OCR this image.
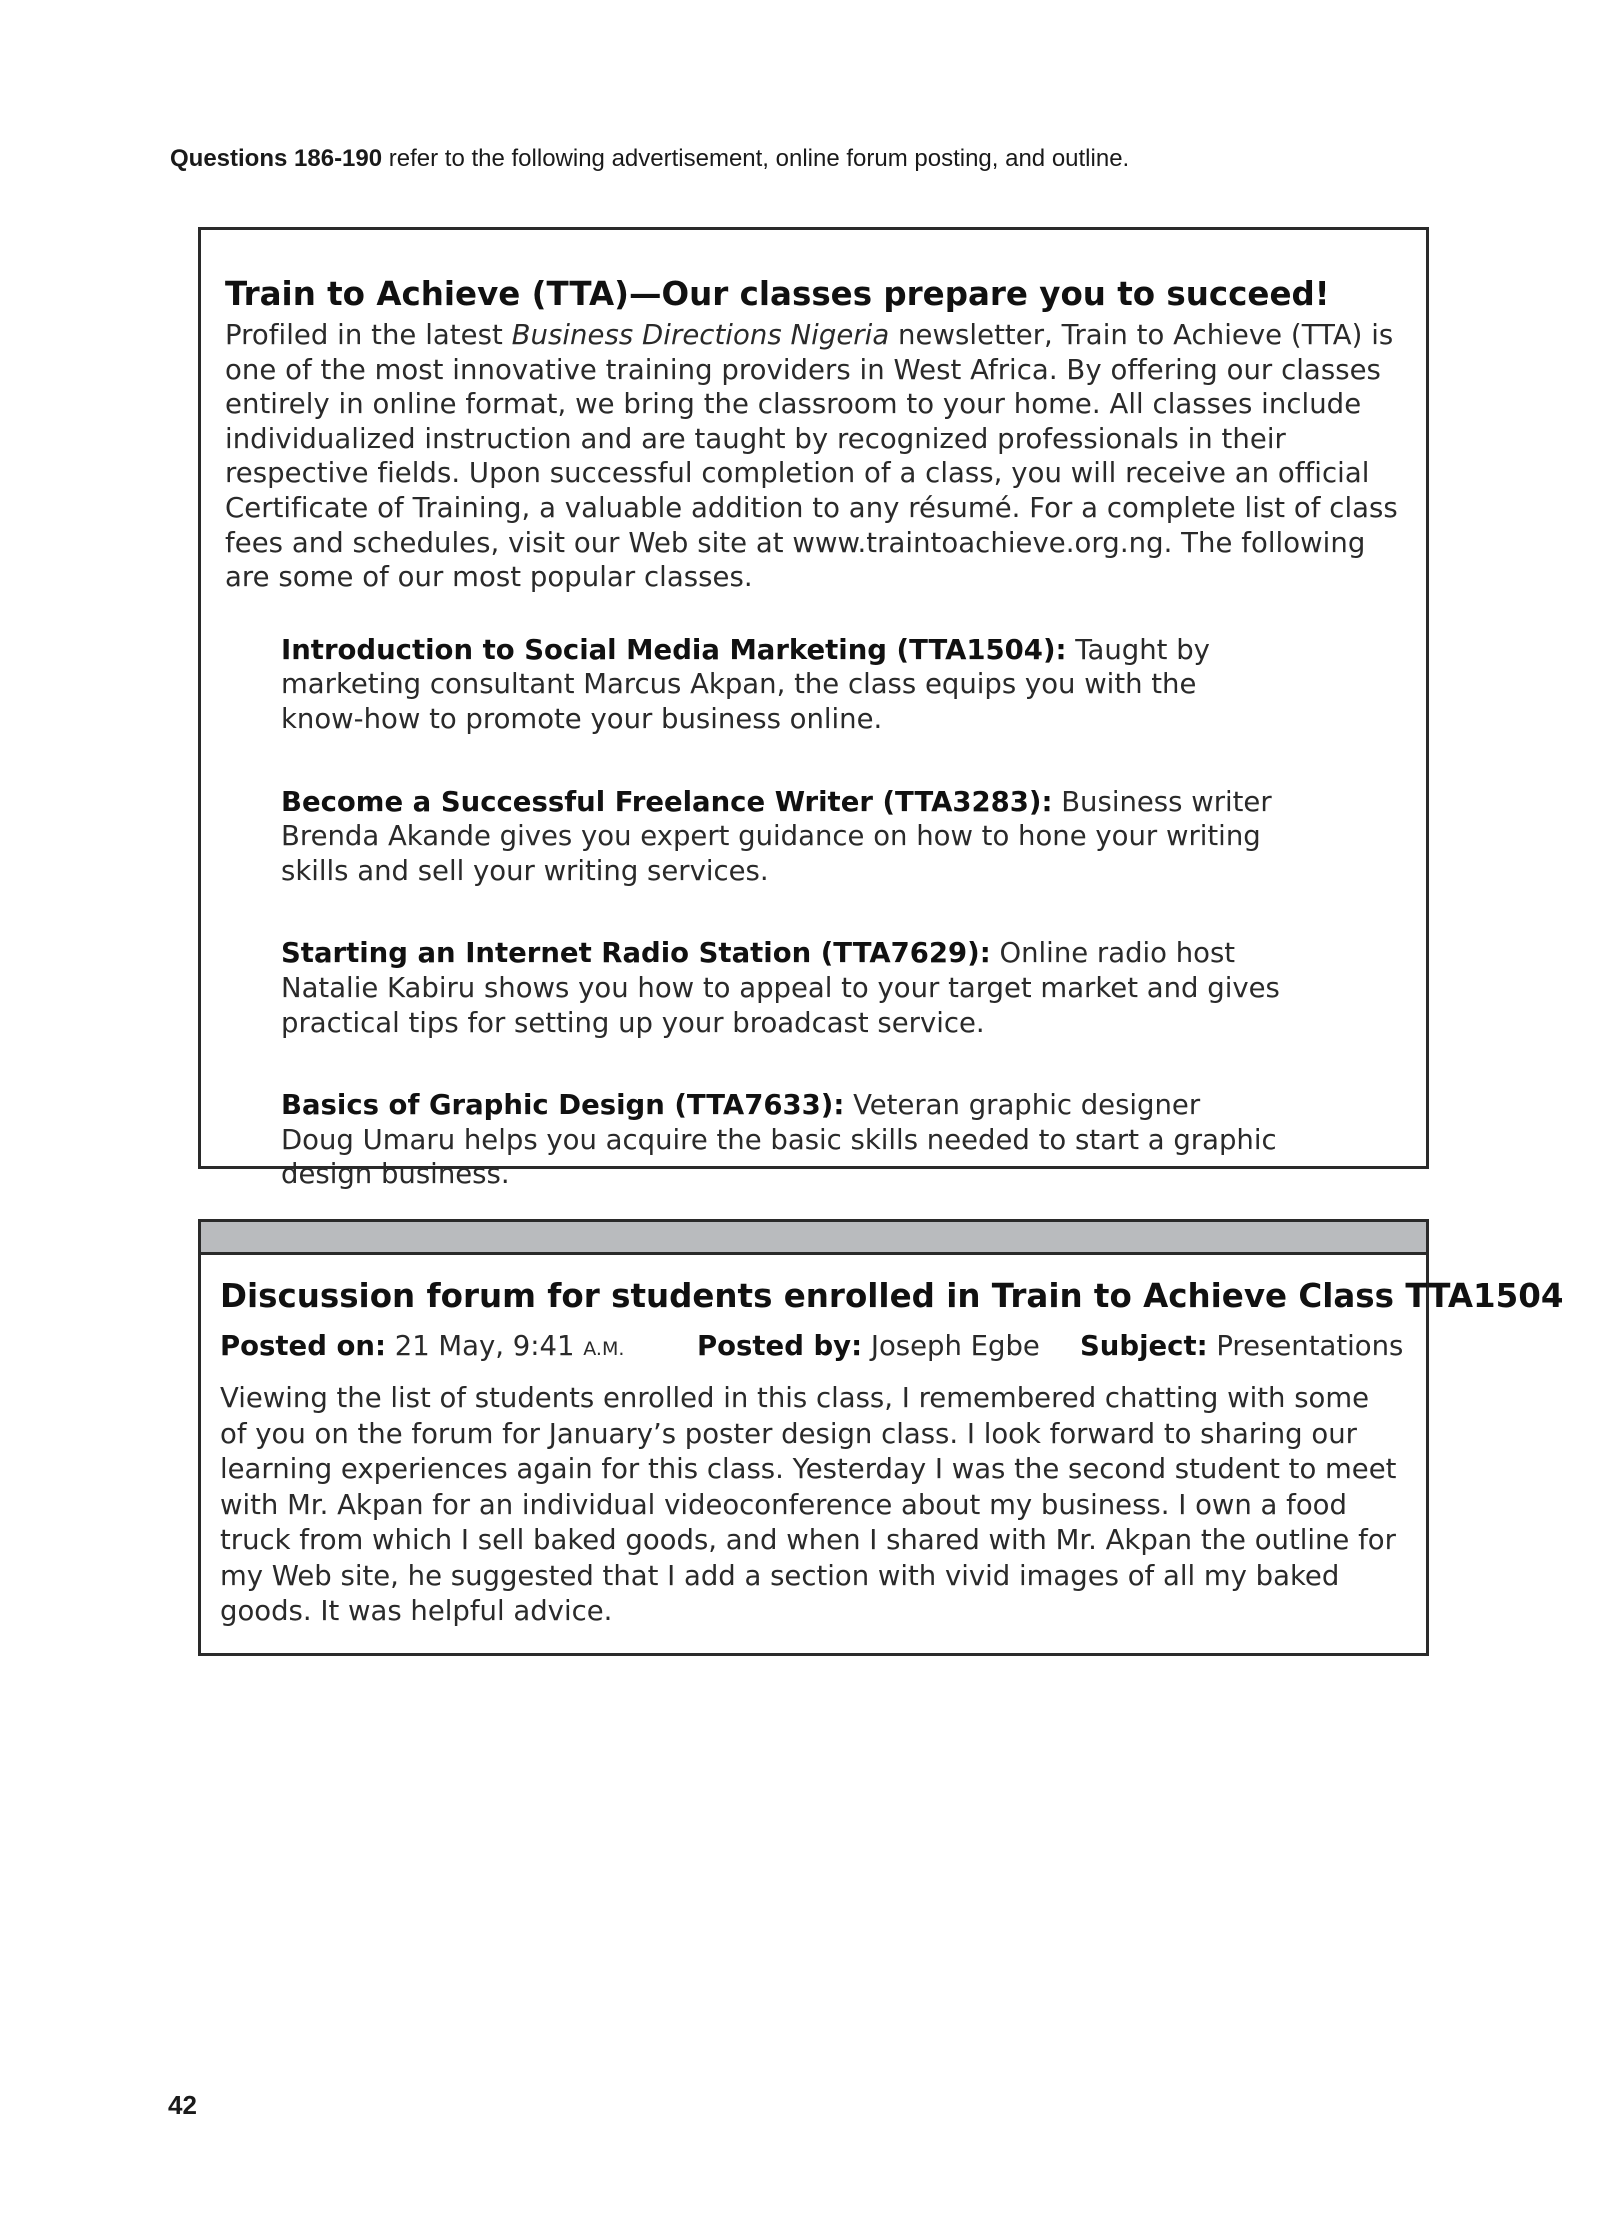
Questions 186-190 refer to the following advertisement, online forum posting, and outline.
Train to Achieve (TTA)—Our classes prepare you to succeed!
Profiled in the latest Business Directions Nigeria newsletter, Train to Achieve (TTA) is one of the most innovative training providers in West Africa. By offering our classes entirely in online format, we bring the classroom to your home. All classes include individualized instruction and are taught by recognized professionals in their respective fields. Upon successful completion of a class, you will receive an official Certificate of Training, a valuable addition to any résumé. For a complete list of class fees and schedules, visit our Web site at www.traintoachieve.org.ng. The following are some of our most popular classes.
Introduction to Social Media Marketing (TTA1504): Taught by marketing consultant Marcus Akpan, the class equips you with the know-how to promote your business online.
Become a Successful Freelance Writer (TTA3283): Business writer Brenda Akande gives you expert guidance on how to hone your writing skills and sell your writing services.
Starting an Internet Radio Station (TTA7629): Online radio host Natalie Kabiru shows you how to appeal to your target market and gives practical tips for setting up your broadcast service.
Basics of Graphic Design (TTA7633): Veteran graphic designer Doug Umaru helps you acquire the basic skills needed to start a graphic design business.
Discussion forum for students enrolled in Train to Achieve Class TTA1504
Posted on: 21 May, 9:41 A.M.	Posted by: Joseph Egbe Subject: Presentations
Viewing the list of students enrolled in this class, I remembered chatting with some of you on the forum for January’s poster design class. I look forward to sharing our learning experiences again for this class. Yesterday I was the second student to meet with Mr. Akpan for an individual videoconference about my business. I own a food truck from which I sell baked goods, and when I shared with Mr. Akpan the outline for my Web site, he suggested that I add a section with vivid images of all my baked goods. It was helpful advice.
42
